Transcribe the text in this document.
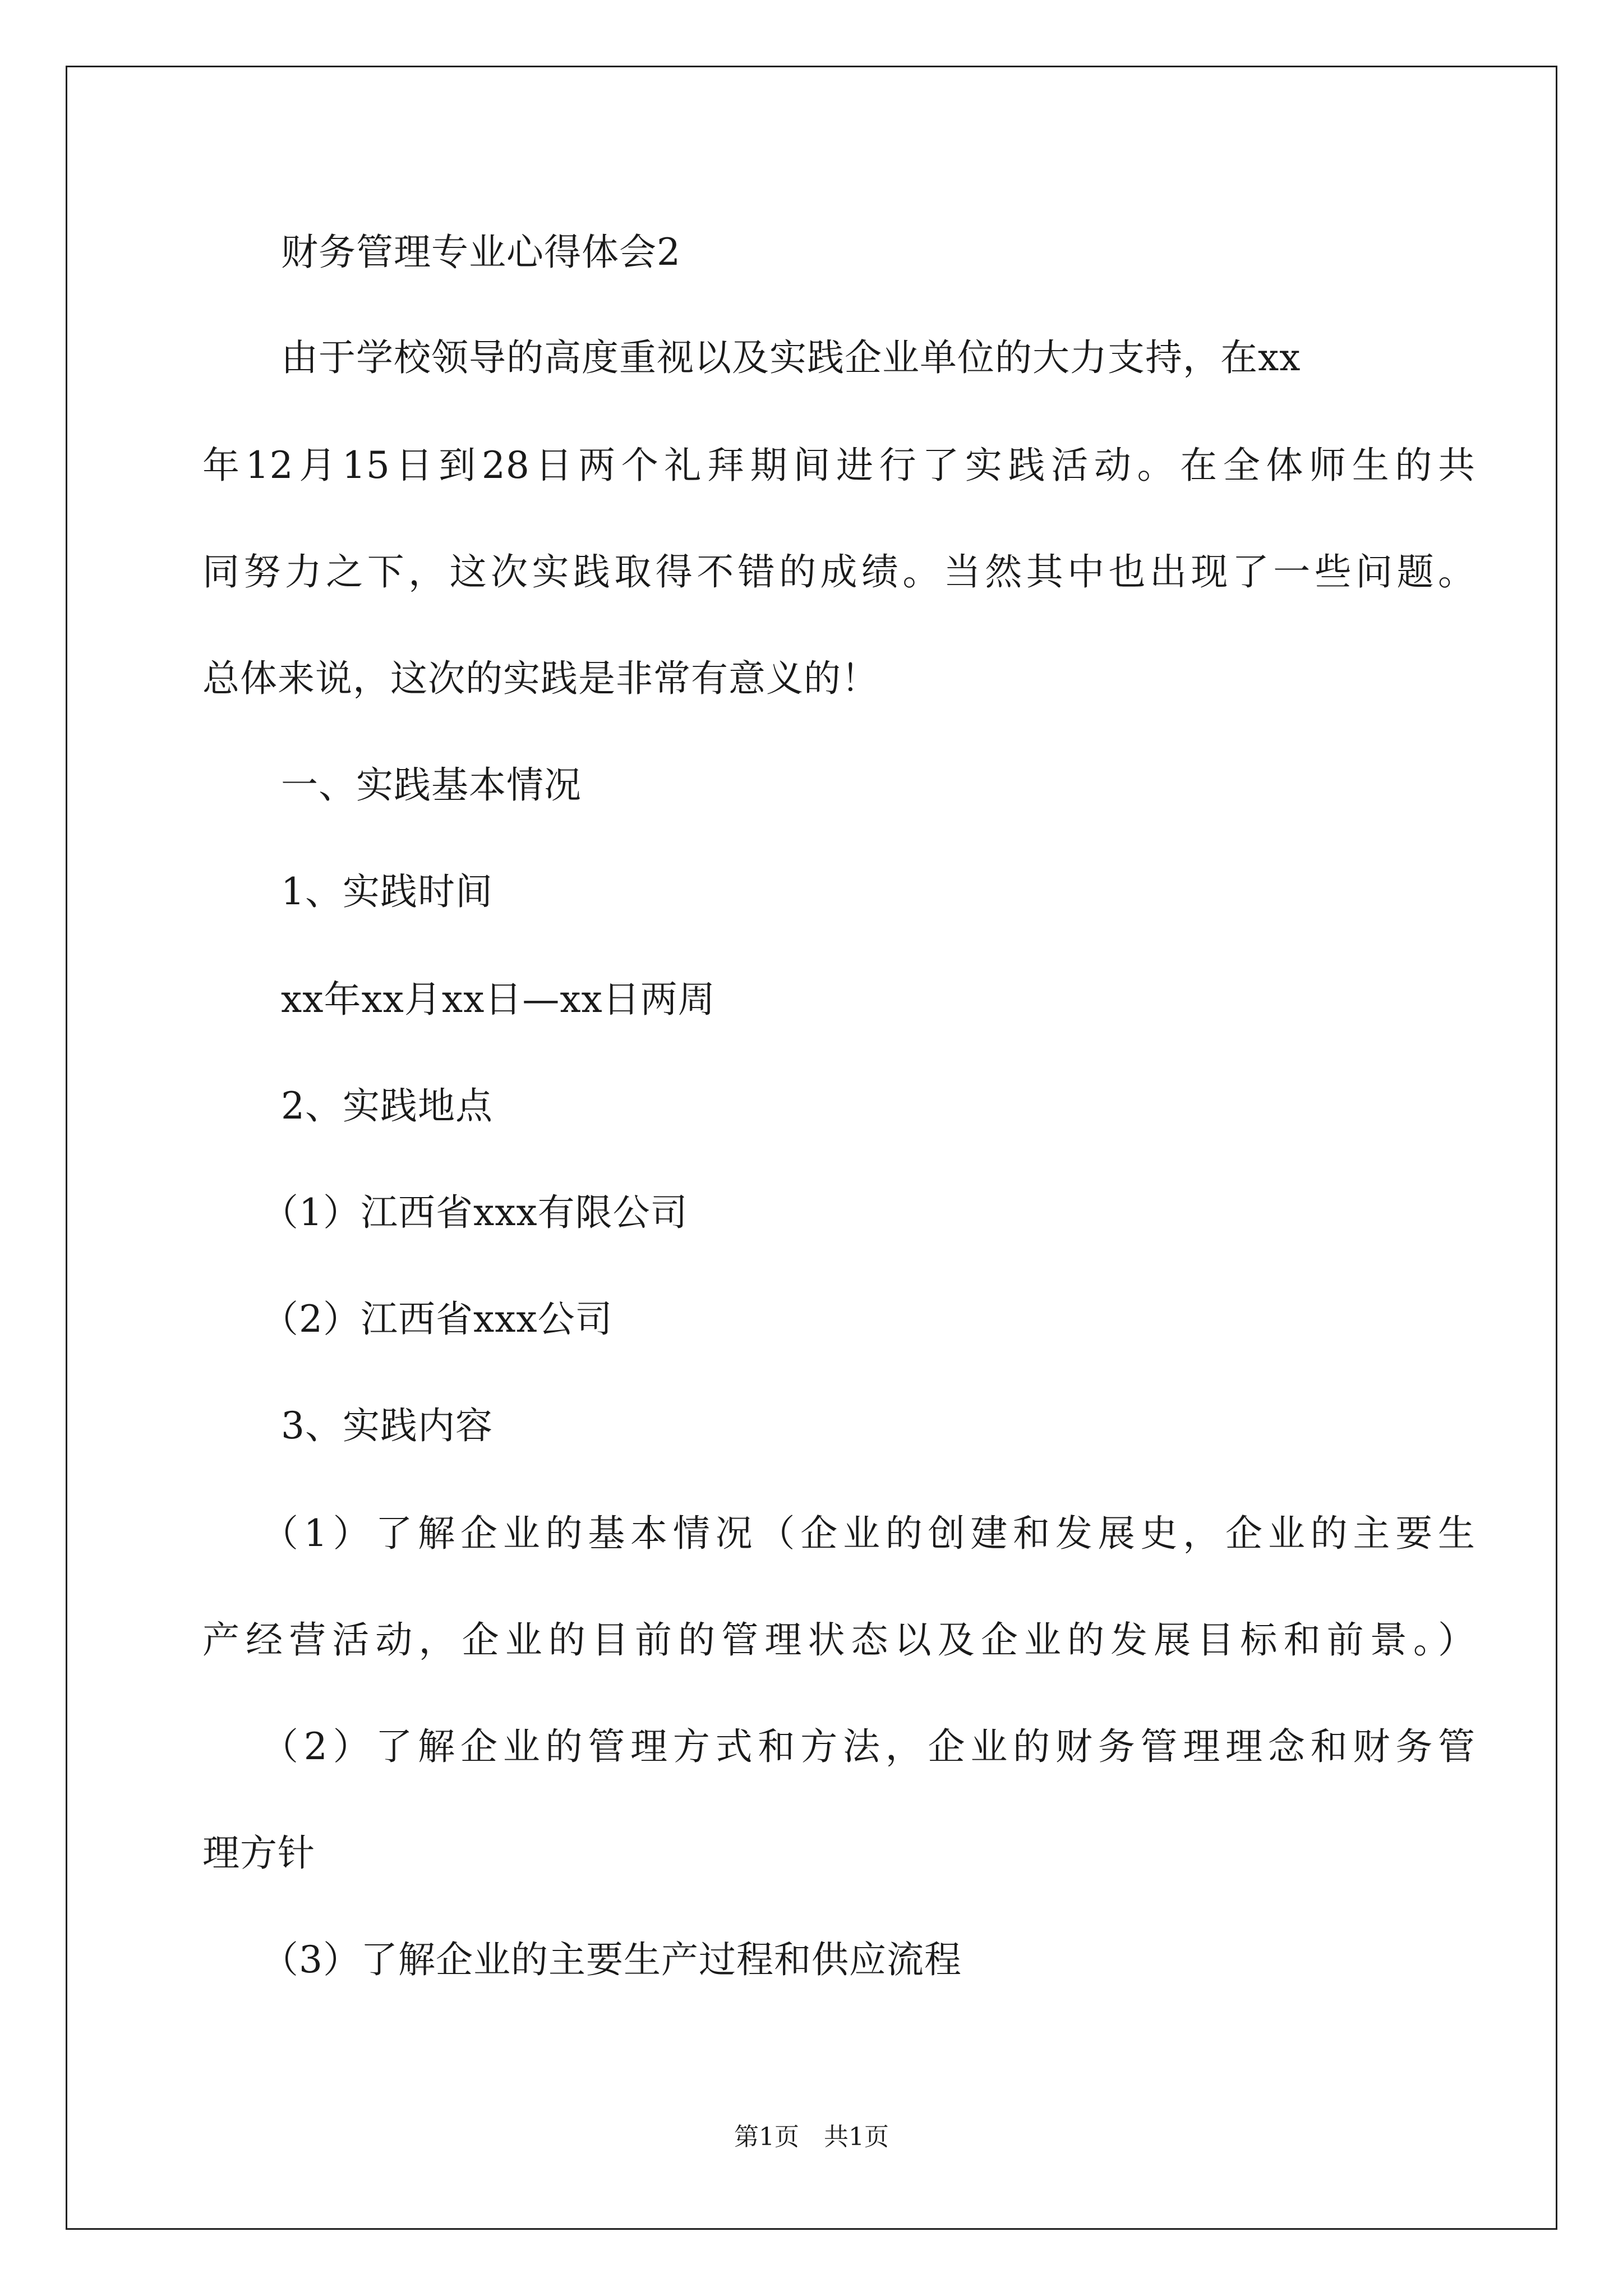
财务管理专业心得体会2
由于学校领导的高度重视以及实践企业单位的大力支持，在xx
年12月15日到28日两个礼拜期间进行了实践活动。在全体师生的共
同努力之下，这次实践取得不错的成绩。当然其中也出现了一些问题。
总体来说，这次的实践是非常有意义的！
一、实践基本情况
1、实践时间
xx年xx月xx日—xx日两周
2、实践地点
（1）江西省xxx有限公司
（2）江西省xxx公司
3、实践内容
（1）了解企业的基本情况（企业的创建和发展史，企业的主要生
产经营活动，企业的目前的管理状态以及企业的发展目标和前景。）
（2）了解企业的管理方式和方法，企业的财务管理理念和财务管
理方针
（3）了解企业的主要生产过程和供应流程
第1页　共1页
